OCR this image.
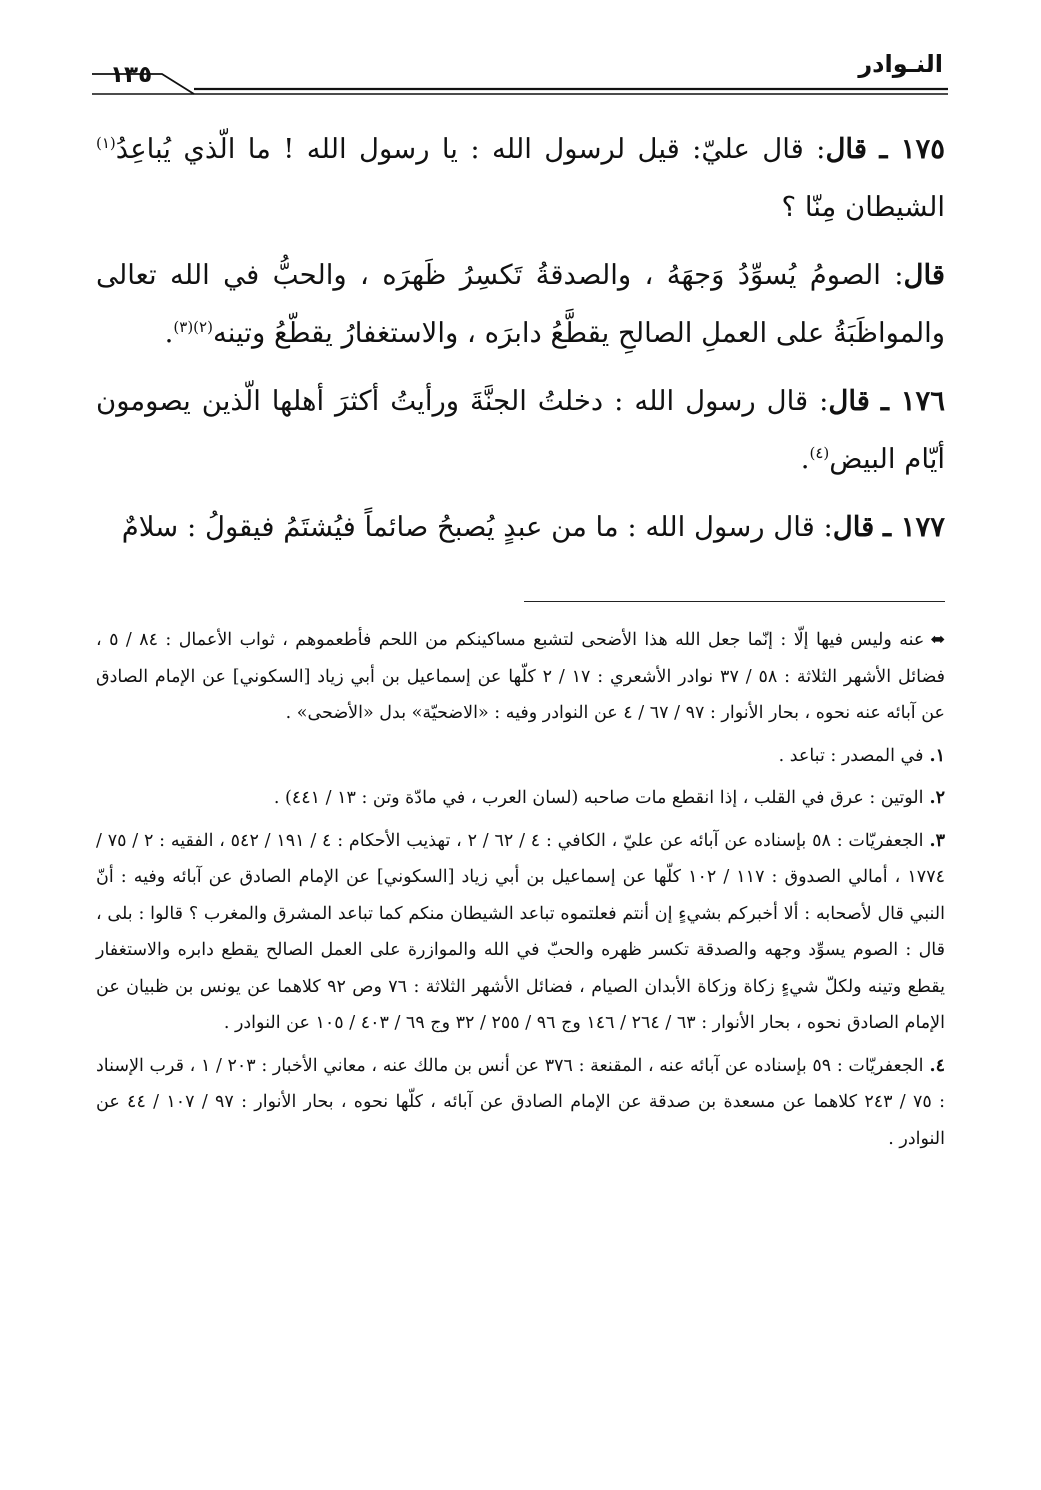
النـوادر
١٣٥

١٧٥ ـ قال: قال عليّ: قيل لرسول الله : يا رسول الله ! ما الّذي يُباعِدُ$^{(١)}$ الشيطان مِنّا ؟

قال: الصومُ يُسوِّدُ وَجهَهُ ، والصدقةُ تَكسِرُ ظَهرَه ، والحبُّ في الله تعالى والمواظَبَةُ على العملِ الصالحِ يقطَّعُ دابرَه ، والاستغفارُ يقطّعُ وتينه$^{(٢)(٣)}$.

١٧٦ ـ قال: قال رسول الله : دخلتُ الجنَّةَ ورأيتُ أكثرَ أهلها الّذين يصومون أيّام البيض$^{(٤)}$.

١٧٧ ـ قال: قال رسول الله : ما من عبدٍ يُصبحُ صائماً فيُشتَمُ فيقولُ : سلامٌ

⬌عنه وليس فيها إلّا : إنّما جعل الله هذا الأضحى لتشبع مساكينكم من اللحم فأطعموهم ، ثواب الأعمال : ٨٤ / ٥ ، فضائل الأشهر الثلاثة : ٥٨ / ٣٧ نوادر الأشعري : ١٧ / ٢ كلّها عن إسماعيل بن أبي زياد [السكوني] عن الإمام الصادق عن آبائه عنه نحوه ، بحار الأنوار : ٩٧ / ٦٧ / ٤ عن النوادر وفيه : «الاضحيّة» بدل «الأضحى» .

١.في المصدر : تباعد .

٢.الوتين : عرق في القلب ، إذا انقطع مات صاحبه (لسان العرب ، في مادّة وتن : ١٣ / ٤٤١) .

٣.الجعفريّات : ٥٨ بإسناده عن آبائه عن عليّ ، الكافي : ٤ / ٦٢ / ٢ ، تهذيب الأحكام : ٤ / ١٩١ / ٥٤٢ ، الفقيه : ٢ / ٧٥ / ١٧٧٤ ، أمالي الصدوق : ١١٧ / ١٠٢ كلّها عن إسماعيل بن أبي زياد [السكوني] عن الإمام الصادق عن آبائه وفيه : أنّ النبي قال لأصحابه : ألا أخبركم بشيءٍ إن أنتم فعلتموه تباعد الشيطان منكم كما تباعد المشرق والمغرب ؟ قالوا : بلى ، قال : الصوم يسوِّد وجهه والصدقة تكسر ظهره والحبّ في الله والموازرة على العمل الصالح يقطع دابره والاستغفار يقطع وتينه ولكلّ شيءٍ زكاة وزكاة الأبدان الصيام ، فضائل الأشهر الثلاثة : ٧٦ وص ٩٢ كلاهما عن يونس بن ظبيان عن الإمام الصادق نحوه ، بحار الأنوار : ٦٣ / ٢٦٤ / ١٤٦ وج ٩٦ / ٢٥٥ / ٣٢ وج ٦٩ / ٤٠٣ / ١٠٥ عن النوادر .

٤.الجعفريّات : ٥٩ بإسناده عن آبائه عنه ، المقنعة : ٣٧٦ عن أنس بن مالك عنه ، معاني الأخبار : ٢٠٣ / ١ ، قرب الإسناد : ٧٥ / ٢٤٣ كلاهما عن مسعدة بن صدقة عن الإمام الصادق عن آبائه ، كلّها نحوه ، بحار الأنوار : ٩٧ / ١٠٧ / ٤٤ عن النوادر .
